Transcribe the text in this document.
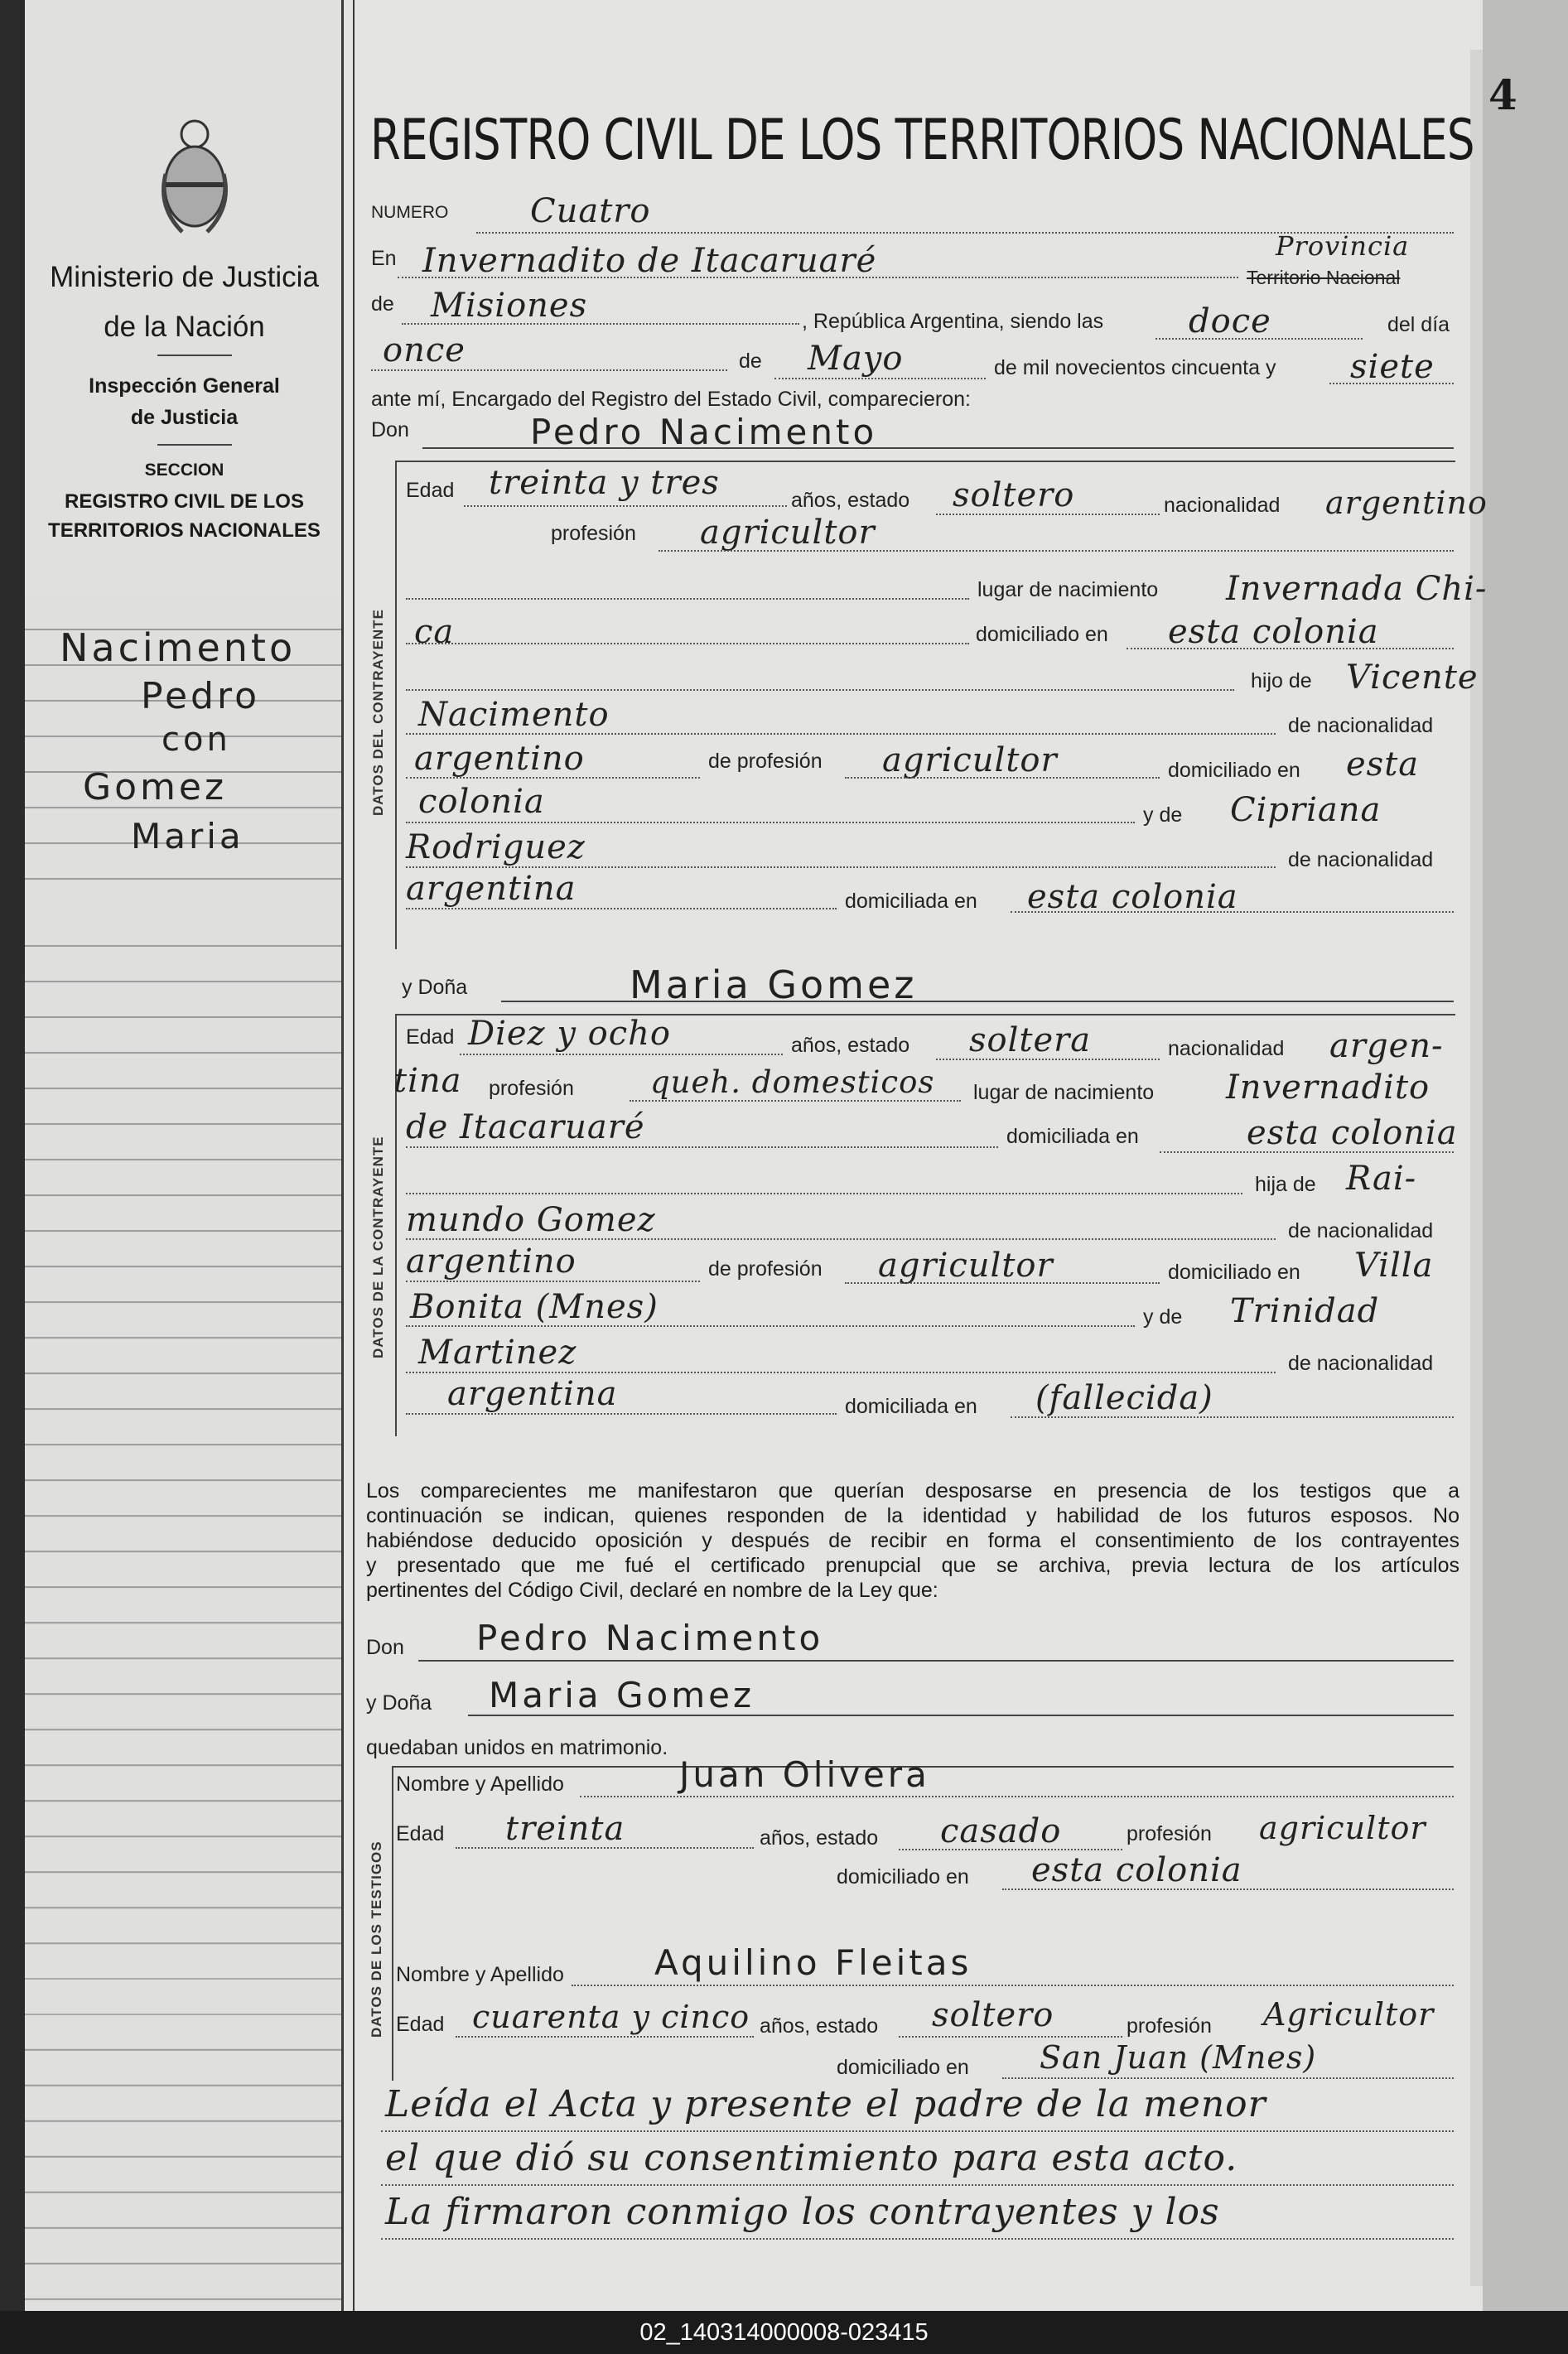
4
Ministerio de Justicia
de la Nación
Inspección General
de Justicia
SECCION
REGISTRO CIVIL DE LOS
TERRITORIOS NACIONALES
Nacimento
Pedro
con
Gomez
Maria
REGISTRO CIVIL DE LOS TERRITORIOS NACIONALES
NUMERO Cuatro
En Invernadito de Itacaruaré	Provincia
Territorio Nacional
de Misiones	, República Argentina, siendo las	doce	del día
once	de Mayo	de mil novecientos cincuenta y siete
ante mí, Encargado del Registro del Estado Civil, comparecieron:
Don	Pedro Nacimento
DATOS DEL CONTRAYENTE
Edad treinta y tres	años, estado soltero	nacionalidad argentino
profesión agricultor
lugar de nacimiento Invernada Chi-
ca	domiciliado en esta colonia
hijo de Vicente
Nacimento	de nacionalidad
argentino	de profesión agricultor	domiciliado en esta
colonia	y de Cipriana
Rodriguez	de nacionalidad
argentina	domiciliada en esta colonia
y Doña	Maria Gomez
DATOS DE LA CONTRAYENTE
Edad Diez y ocho	años, estado soltera	nacionalidad argen-
tina profesión queh. domesticos lugar de nacimiento Invernadito
de Itacaruaré	domiciliada en	esta colonia
hija de Rai-
mundo Gomez	de nacionalidad
argentino	de profesión agricultor	domiciliado en Villa
Bonita (Mnes)	y de Trinidad
Martinez	de nacionalidad
argentina	domiciliada en (fallecida)
Los comparecientes me manifestaron que querían desposarse en presencia de los testigos que a
continuación se indican, quienes responden de la identidad y habilidad de los futuros esposos. No
habiéndose deducido oposición y después de recibir en forma el consentimiento de los contrayentes
y presentado que me fué el certificado prenupcial que se archiva, previa lectura de los artículos
pertinentes del Código Civil, declaré en nombre de la Ley que:
Don Pedro Nacimento
y Doña Maria Gomez
quedaban unidos en matrimonio.
DATOS DE LOS TESTIGOS
Nombre y Apellido	Juan Olivera
Edad treinta	años, estado casado	profesión agricultor
domiciliado en esta colonia
Nombre y Apellido	Aquilino Fleitas
Edad cuarenta y cinco años, estado soltero	profesión Agricultor
domiciliado en San Juan (Mnes)
Leída el Acta y presente el padre de la menor
el que dió su consentimiento para esta acto.
La firmaron conmigo los contrayentes y los
02_140314000008-023415
